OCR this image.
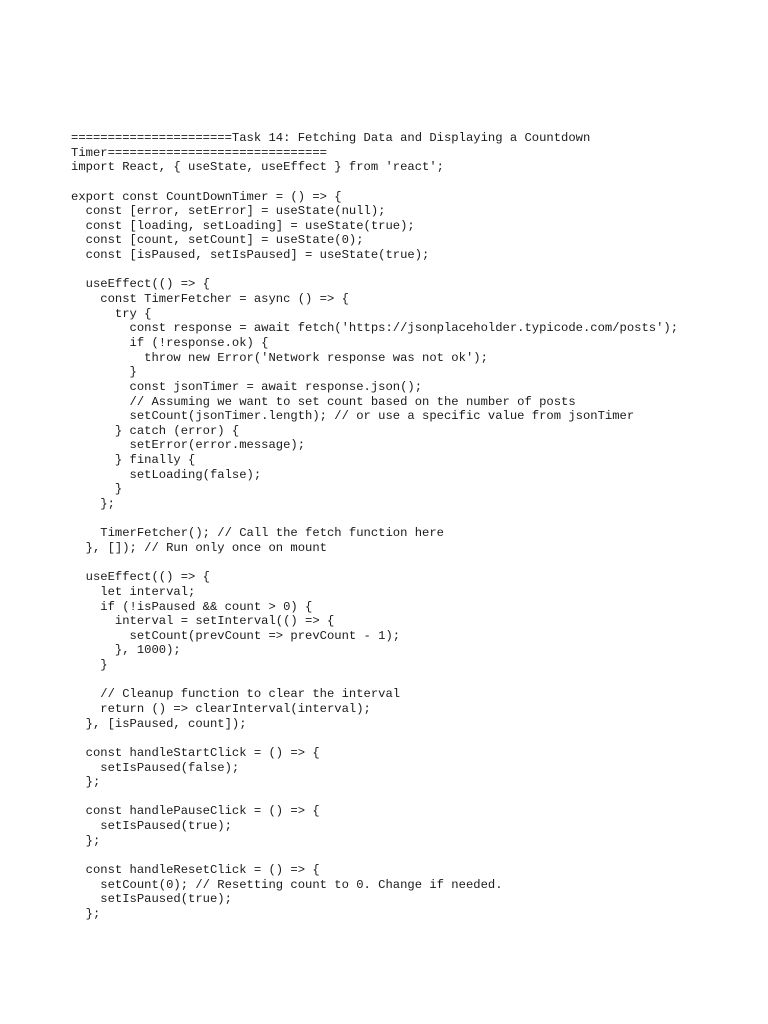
======================Task 14: Fetching Data and Displaying a Countdown
Timer==============================
import React, { useState, useEffect } from 'react';
export const CountDownTimer = () => {
const [error, setError] = useState(null);
const [loading, setLoading] = useState(true);
const [count, setCount] = useState(0);
const [isPaused, setIsPaused] = useState(true);
useEffect(() => {
const TimerFetcher = async () => {
try {
const response = await fetch('https://jsonplaceholder.typicode.com/posts');
if (!response.ok) {
throw new Error('Network response was not ok');
}
const jsonTimer = await response.json();
// Assuming we want to set count based on the number of posts
setCount(jsonTimer.length); // or use a specific value from jsonTimer
} catch (error) {
setError(error.message);
} finally {
setLoading(false);
}
};
TimerFetcher(); // Call the fetch function here
}, []); // Run only once on mount
useEffect(() => {
let interval;
if (!isPaused && count > 0) {
interval = setInterval(() => {
setCount(prevCount => prevCount - 1);
}, 1000);
}
// Cleanup function to clear the interval
return () => clearInterval(interval);
}, [isPaused, count]);
const handleStartClick = () => {
setIsPaused(false);
};
const handlePauseClick = () => {
setIsPaused(true);
};
const handleResetClick = () => {
setCount(0); // Resetting count to 0. Change if needed.
setIsPaused(true);
};
